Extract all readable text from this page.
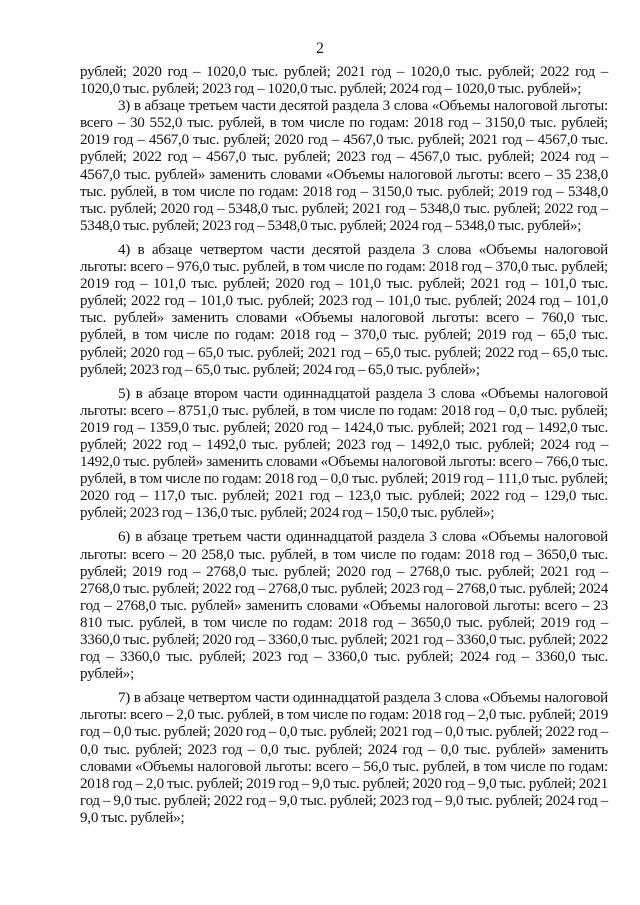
2

рублей; 2020 год – 1020,0 тыс. рублей; 2021 год – 1020,0 тыс. рублей; 2022 год – 1020,0 тыс. рублей; 2023 год – 1020,0 тыс. рублей; 2024 год – 1020,0 тыс. рублей»;

3) в абзаце третьем части десятой раздела 3 слова «Объемы налоговой льготы: всего – 30 552,0 тыс. рублей, в том числе по годам: 2018 год – 3150,0 тыс. рублей; 2019 год – 4567,0 тыс. рублей; 2020 год – 4567,0 тыс. рублей; 2021 год – 4567,0 тыс. рублей; 2022 год – 4567,0 тыс. рублей; 2023 год – 4567,0 тыс. рублей; 2024 год – 4567,0 тыс. рублей» заменить словами «Объемы налоговой льготы: всего – 35 238,0 тыс. рублей, в том числе по годам: 2018 год – 3150,0 тыс. рублей; 2019 год – 5348,0 тыс. рублей; 2020 год – 5348,0 тыс. рублей; 2021 год – 5348,0 тыс. рублей; 2022 год – 5348,0 тыс. рублей; 2023 год – 5348,0 тыс. рублей; 2024 год – 5348,0 тыс. рублей»;

4) в абзаце четвертом части десятой раздела 3 слова «Объемы налоговой льготы: всего – 976,0 тыс. рублей, в том числе по годам: 2018 год – 370,0 тыс. рублей; 2019 год – 101,0 тыс. рублей; 2020 год – 101,0 тыс. рублей; 2021 год – 101,0 тыс. рублей; 2022 год – 101,0 тыс. рублей; 2023 год – 101,0 тыс. рублей; 2024 год – 101,0 тыс. рублей» заменить словами «Объемы налоговой льготы: всего – 760,0 тыс. рублей, в том числе по годам: 2018 год – 370,0 тыс. рублей; 2019 год – 65,0 тыс. рублей; 2020 год – 65,0 тыс. рублей; 2021 год – 65,0 тыс. рублей; 2022 год – 65,0 тыс. рублей; 2023 год – 65,0 тыс. рублей; 2024 год – 65,0 тыс. рублей»;

5) в абзаце втором части одиннадцатой раздела 3 слова «Объемы налоговой льготы: всего – 8751,0 тыс. рублей, в том числе по годам: 2018 год – 0,0 тыс. рублей; 2019 год – 1359,0 тыс. рублей; 2020 год – 1424,0 тыс. рублей; 2021 год – 1492,0 тыс. рублей; 2022 год – 1492,0 тыс. рублей; 2023 год – 1492,0 тыс. рублей; 2024 год – 1492,0 тыс. рублей» заменить словами «Объемы налоговой льготы: всего – 766,0 тыс. рублей, в том числе по годам: 2018 год – 0,0 тыс. рублей; 2019 год – 111,0 тыс. рублей; 2020 год – 117,0 тыс. рублей; 2021 год – 123,0 тыс. рублей; 2022 год – 129,0 тыс. рублей; 2023 год – 136,0 тыс. рублей; 2024 год – 150,0 тыс. рублей»;

6) в абзаце третьем части одиннадцатой раздела 3 слова «Объемы налоговой льготы: всего – 20 258,0 тыс. рублей, в том числе по годам: 2018 год – 3650,0 тыс. рублей; 2019 год – 2768,0 тыс. рублей; 2020 год – 2768,0 тыс. рублей; 2021 год – 2768,0 тыс. рублей; 2022 год – 2768,0 тыс. рублей; 2023 год – 2768,0 тыс. рублей; 2024 год – 2768,0 тыс. рублей» заменить словами «Объемы налоговой льготы: всего – 23 810 тыс. рублей, в том числе по годам: 2018 год – 3650,0 тыс. рублей; 2019 год – 3360,0 тыс. рублей; 2020 год – 3360,0 тыс. рублей; 2021 год – 3360,0 тыс. рублей; 2022 год – 3360,0 тыс. рублей; 2023 год – 3360,0 тыс. рублей; 2024 год – 3360,0 тыс. рублей»;

7) в абзаце четвертом части одиннадцатой раздела 3 слова «Объемы налоговой льготы: всего – 2,0 тыс. рублей, в том числе по годам: 2018 год – 2,0 тыс. рублей; 2019 год – 0,0 тыс. рублей; 2020 год – 0,0 тыс. рублей; 2021 год – 0,0 тыс. рублей; 2022 год – 0,0 тыс. рублей; 2023 год – 0,0 тыс. рублей; 2024 год – 0,0 тыс. рублей» заменить словами «Объемы налоговой льготы: всего – 56,0 тыс. рублей, в том числе по годам: 2018 год – 2,0 тыс. рублей; 2019 год – 9,0 тыс. рублей; 2020 год – 9,0 тыс. рублей; 2021 год – 9,0 тыс. рублей; 2022 год – 9,0 тыс. рублей; 2023 год – 9,0 тыс. рублей; 2024 год – 9,0 тыс. рублей»;
